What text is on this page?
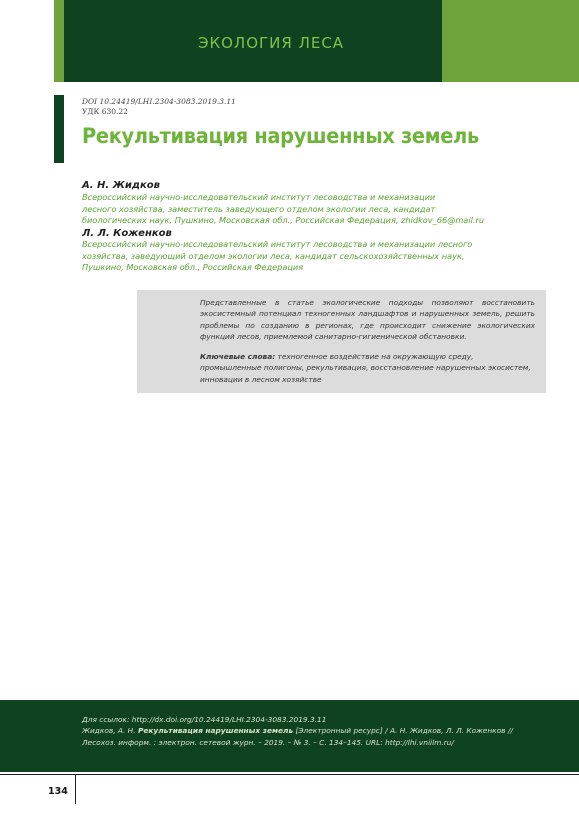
ЭКОЛОГИЯ ЛЕСА
DOI 10.24419/LHI.2304-3083.2019.3.11
УДК 630.22
Рекультивация нарушенных земель
А. Н. Жидков
Всероссийский научно-исследовательский институт лесоводства и механизации
лесного хозяйства, заместитель заведующего отделом экологии леса, кандидат
биологических наук, Пушкино, Московская обл., Российская Федерация, zhidkov_66@mail.ru
Л. Л. Коженков
Всероссийский научно-исследовательский институт лесоводства и механизации лесного
хозяйства, заведующий отделом экологии леса, кандидат сельскохозяйственных наук,
Пушкино, Московская обл., Российская Федерация
Представленные в статье экологические подходы позволяют восстановить экосистемный потенциал техногенных ландшафтов и нарушенных земель, решить проблемы по созданию в регионах, где происходит снижение экологических функций лесов, приемлемой санитарно-гигиенической обстановки.
Ключевые слова: техногенное воздействие на окружающую среду, промышленные полигоны, рекультивация, восстановление нарушенных экосистем, инновации в лесном хозяйстве
Для ссылок: http://dx.doi.org/10.24419/LHI.2304-3083.2019.3.11
Жидков, А. Н. Рекультивация нарушенных земель [Электронный ресурс] / А. Н. Жидков, Л. Л. Коженков //
Лесохоз. информ. : электрон. сетевой журн. – 2019. – № 3. – С. 134–145. URL: http://lhi.vniilm.ru/
134
